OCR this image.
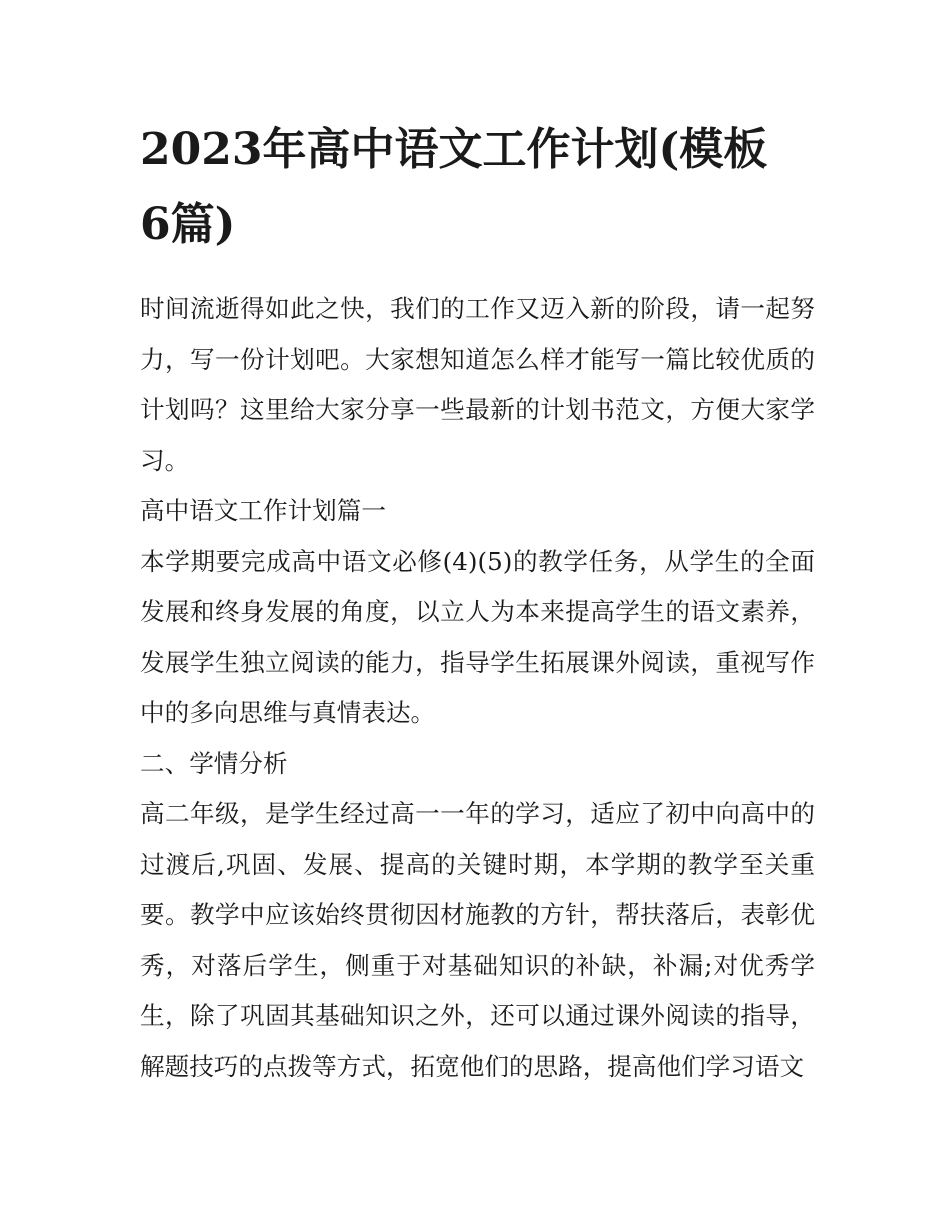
2023年高中语文工作计划(模板6篇)

时间流逝得如此之快，我们的工作又迈入新的阶段，请一起努力，写一份计划吧。大家想知道怎么样才能写一篇比较优质的计划吗？这里给大家分享一些最新的计划书范文，方便大家学习。

高中语文工作计划篇一

本学期要完成高中语文必修(4)(5)的教学任务，从学生的全面发展和终身发展的角度，以立人为本来提高学生的语文素养，发展学生独立阅读的能力，指导学生拓展课外阅读，重视写作中的多向思维与真情表达。

二、学情分析

高二年级，是学生经过高一一年的学习，适应了初中向高中的过渡后,巩固、发展、提高的关键时期，本学期的教学至关重要。教学中应该始终贯彻因材施教的方针，帮扶落后，表彰优秀，对落后学生，侧重于对基础知识的补缺，补漏;对优秀学生，除了巩固其基础知识之外，还可以通过课外阅读的指导，解题技巧的点拨等方式，拓宽他们的思路，提高他们学习语文
